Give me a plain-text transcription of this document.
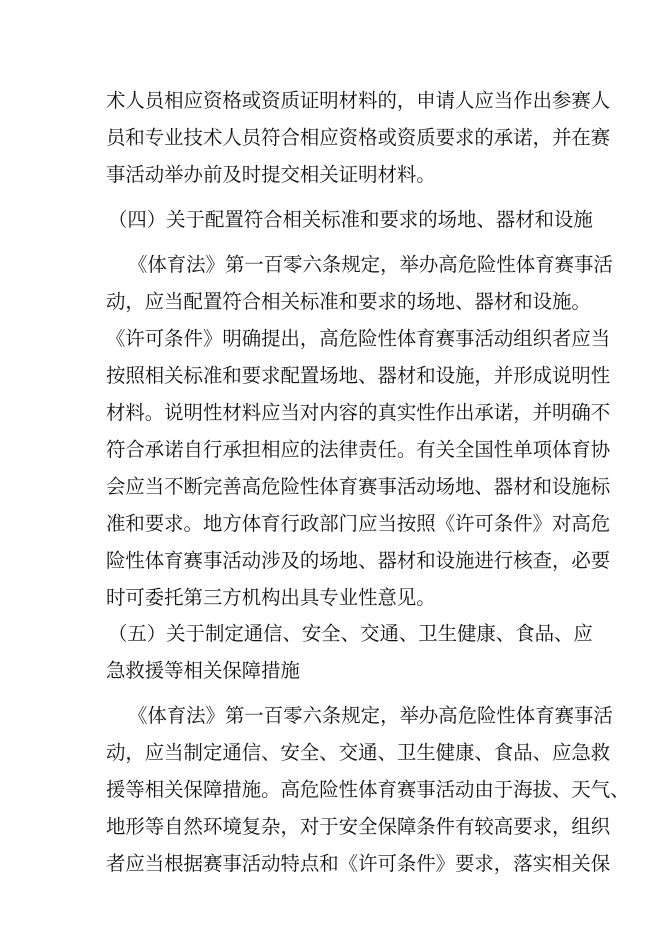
术人员相应资格或资质证明材料的，申请人应当作出参赛人
员和专业技术人员符合相应资格或资质要求的承诺，并在赛
事活动举办前及时提交相关证明材料。
（四）关于配置符合相关标准和要求的场地、器材和设施
《体育法》第一百零六条规定，举办高危险性体育赛事活
动，应当配置符合相关标准和要求的场地、器材和设施。
《许可条件》明确提出，高危险性体育赛事活动组织者应当
按照相关标准和要求配置场地、器材和设施，并形成说明性
材料。说明性材料应当对内容的真实性作出承诺，并明确不
符合承诺自行承担相应的法律责任。有关全国性单项体育协
会应当不断完善高危险性体育赛事活动场地、器材和设施标
准和要求。地方体育行政部门应当按照《许可条件》对高危
险性体育赛事活动涉及的场地、器材和设施进行核查，必要
时可委托第三方机构出具专业性意见。
（五）关于制定通信、安全、交通、卫生健康、食品、应
急救援等相关保障措施
《体育法》第一百零六条规定，举办高危险性体育赛事活
动，应当制定通信、安全、交通、卫生健康、食品、应急救
援等相关保障措施。高危险性体育赛事活动由于海拔、天气、
地形等自然环境复杂，对于安全保障条件有较高要求，组织
者应当根据赛事活动特点和《许可条件》要求，落实相关保
